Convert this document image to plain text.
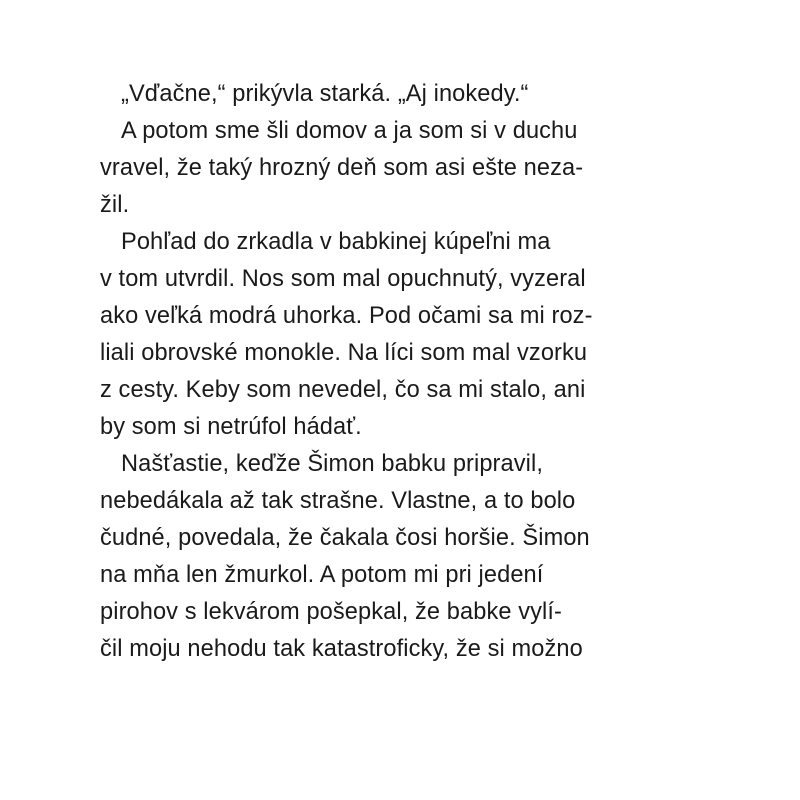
„Vďačne,“ prikývla starká. „Aj inokedy.“
A potom sme šli domov a ja som si v duchu
vravel, že taký hrozný deň som asi ešte neza-
žil.
Pohľad do zrkadla v babkinej kúpeľni ma
v tom utvrdil. Nos som mal opuchnutý, vyzeral
ako veľká modrá uhorka. Pod očami sa mi roz-
liali obrovské monokle. Na líci som mal vzorku
z cesty. Keby som nevedel, čo sa mi stalo, ani
by som si netrúfol hádať.
Našťastie, keďže Šimon babku pripravil,
nebedákala až tak strašne. Vlastne, a to bolo
čudné, povedala, že čakala čosi horšie. Šimon
na mňa len žmurkol. A potom mi pri jedení
pirohov s lekvárom pošepkal, že babke vylí-
čil moju nehodu tak katastroficky, že si možno
